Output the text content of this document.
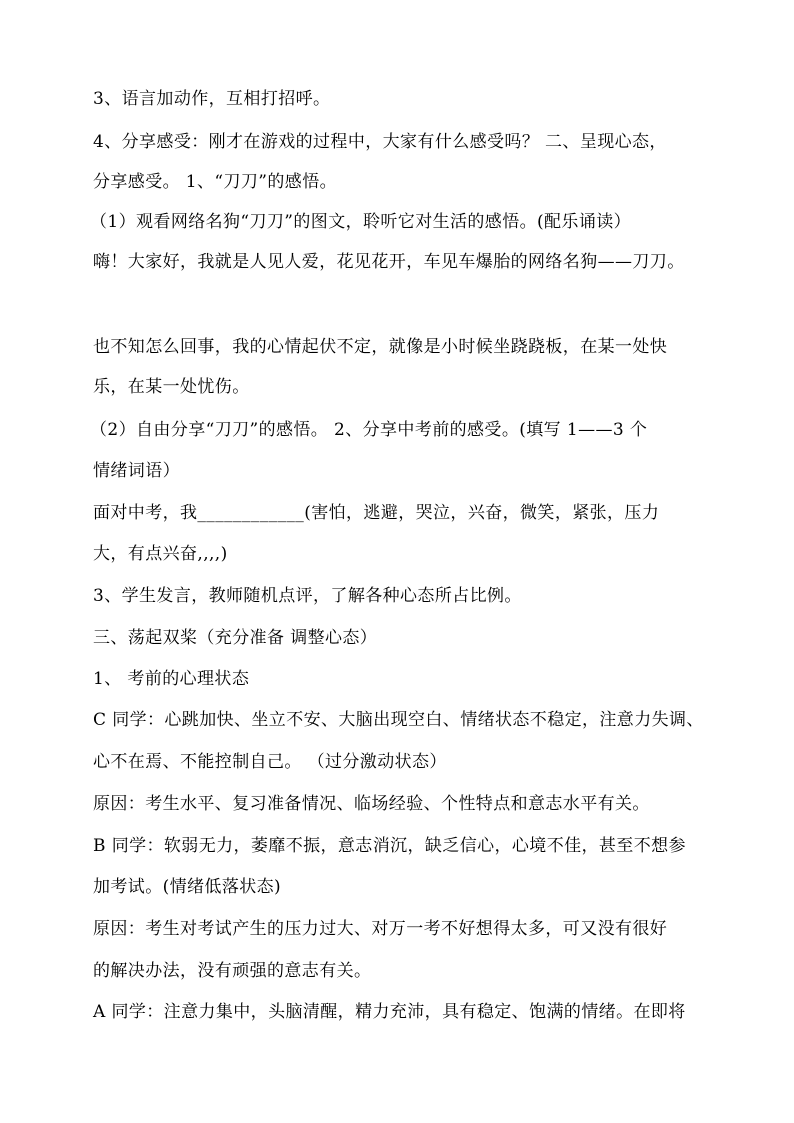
3、语言加动作，互相打招呼。
4、分享感受：刚才在游戏的过程中，大家有什么感受吗？ 二、呈现心态，
分享感受。 1、“刀刀”的感悟。
（1）观看网络名狗“刀刀”的图文，聆听它对生活的感悟。(配乐诵读）
嗨！大家好，我就是人见人爱，花见花开，车见车爆胎的网络名狗——刀刀。
也不知怎么回事，我的心情起伏不定，就像是小时候坐跷跷板，在某一处快
乐，在某一处忧伤。
（2）自由分享“刀刀”的感悟。 2、分享中考前的感受。(填写 1——3 个
情绪词语）
面对中考，我____________(害怕，逃避，哭泣，兴奋，微笑，紧张，压力
大，有点兴奋,,,,)
3、学生发言，教师随机点评，了解各种心态所占比例。
三、荡起双桨（充分准备 调整心态）
1、 考前的心理状态
C 同学：心跳加快、坐立不安、大脑出现空白、情绪状态不稳定，注意力失调、
心不在焉、不能控制自己。 （过分激动状态）
原因：考生水平、复习准备情况、临场经验、个性特点和意志水平有关。
B 同学：软弱无力，萎靡不振，意志消沉，缺乏信心，心境不佳，甚至不想参
加考试。(情绪低落状态)
原因：考生对考试产生的压力过大、对万一考不好想得太多，可又没有很好
的解决办法，没有顽强的意志有关。
A 同学：注意力集中，头脑清醒，精力充沛，具有稳定、饱满的情绪。在即将
